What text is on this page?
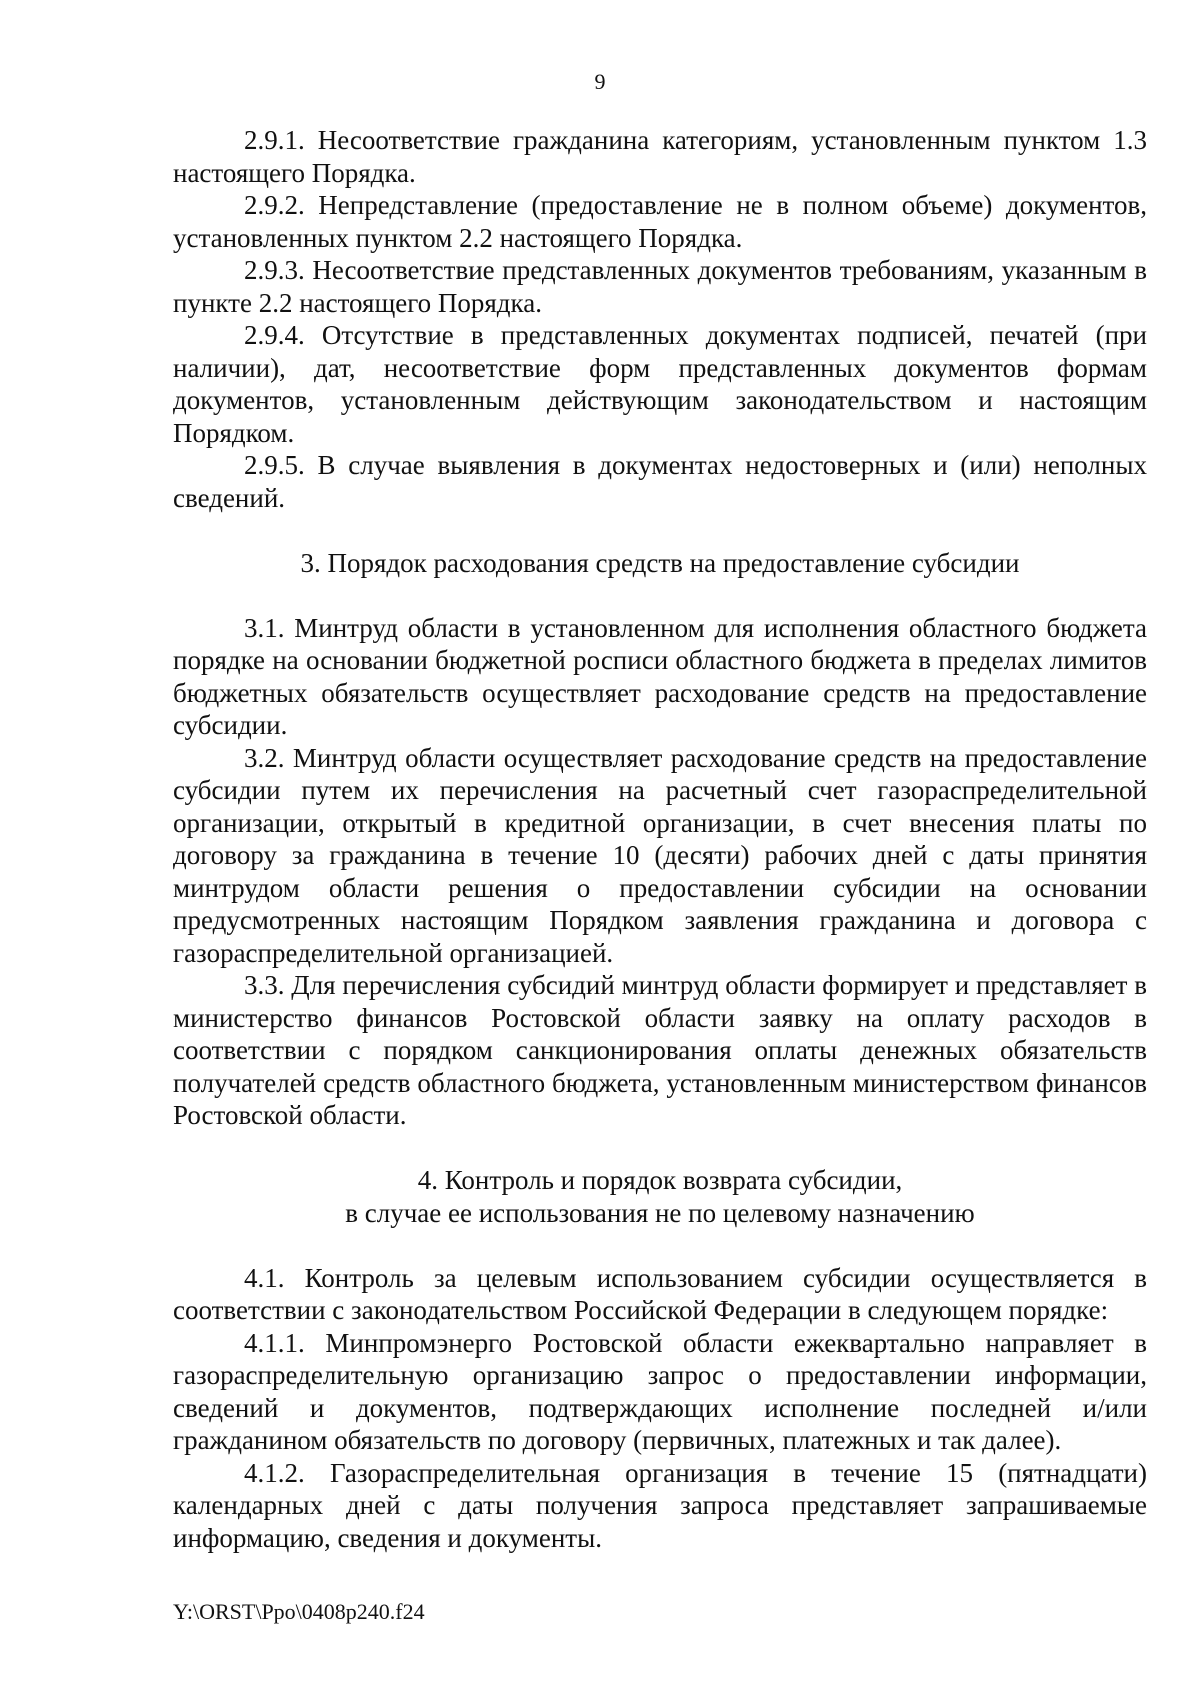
9

2.9.1. Несоответствие гражданина категориям, установленным пунктом 1.3 настоящего Порядка.

2.9.2. Непредставление (предоставление не в полном объеме) документов, установленных пунктом 2.2 настоящего Порядка.

2.9.3. Несоответствие представленных документов требованиям, указанным в пункте 2.2 настоящего Порядка.

2.9.4. Отсутствие в представленных документах подписей, печатей (при наличии), дат, несоответствие форм представленных документов формам документов, установленным действующим законодательством и настоящим Порядком.

2.9.5. В случае выявления в документах недостоверных и (или) неполных сведений.

3. Порядок расходования средств на предоставление субсидии

3.1. Минтруд области в установленном для исполнения областного бюджета порядке на основании бюджетной росписи областного бюджета в пределах лимитов бюджетных обязательств осуществляет расходование средств на предоставление субсидии.

3.2. Минтруд области осуществляет расходование средств на предоставление субсидии путем их перечисления на расчетный счет газораспределительной организации, открытый в кредитной организации, в счет внесения платы по договору за гражданина в течение 10 (десяти) рабочих дней с даты принятия минтрудом области решения о предоставлении субсидии на основании предусмотренных настоящим Порядком заявления гражданина и договора с газораспределительной организацией.

3.3. Для перечисления субсидий минтруд области формирует и представляет в министерство финансов Ростовской области заявку на оплату расходов в соответствии с порядком санкционирования оплаты денежных обязательств получателей средств областного бюджета, установленным министерством финансов Ростовской области.

4. Контроль и порядок возврата субсидии,

в случае ее использования не по целевому назначению

4.1. Контроль за целевым использованием субсидии осуществляется в соответствии с законодательством Российской Федерации в следующем порядке:

4.1.1. Минпромэнерго Ростовской области ежеквартально направляет в газораспределительную организацию запрос о предоставлении информации, сведений и документов, подтверждающих исполнение последней и/или гражданином обязательств по договору (первичных, платежных и так далее).

4.1.2. Газораспределительная организация в течение 15 (пятнадцати) календарных дней с даты получения запроса представляет запрашиваемые информацию, сведения и документы.

Y:\ORST\Ppo\0408p240.f24
